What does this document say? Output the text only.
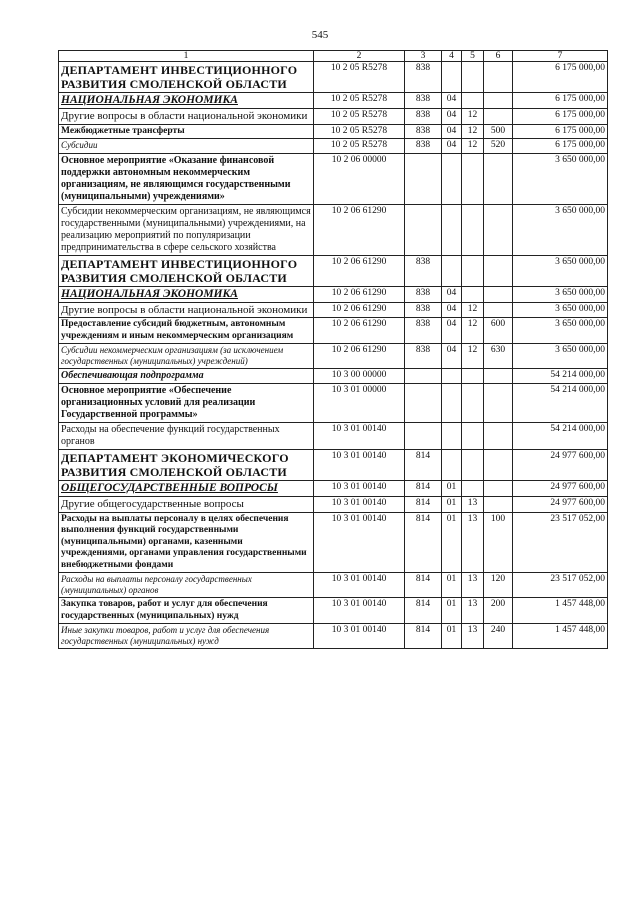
545
1	2	3	4	5	6	7
ДЕПАРТАМЕНТ ИНВЕСТИЦИОННОГО РАЗВИТИЯ СМОЛЕНСКОЙ ОБЛАСТИ	10 2 05 R5278	838				6 175 000,00
НАЦИОНАЛЬНАЯ ЭКОНОМИКА	10 2 05 R5278	838	04			6 175 000,00
Другие вопросы в области национальной экономики	10 2 05 R5278	838	04	12		6 175 000,00
Межбюджетные трансферты	10 2 05 R5278	838	04	12	500	6 175 000,00
Субсидии	10 2 05 R5278	838	04	12	520	6 175 000,00
Основное мероприятие «Оказание финансовой поддержки автономным некоммерческим организациям, не являющимся государственными (муниципальными) учреждениями»	10 2 06 00000					3 650 000,00
Субсидии некоммерческим организациям, не являющимся государственными (муниципальными) учреждениями, на реализацию мероприятий по популяризации предпринимательства в сфере сельского хозяйства	10 2 06 61290					3 650 000,00
ДЕПАРТАМЕНТ ИНВЕСТИЦИОННОГО РАЗВИТИЯ СМОЛЕНСКОЙ ОБЛАСТИ	10 2 06 61290	838				3 650 000,00
НАЦИОНАЛЬНАЯ ЭКОНОМИКА	10 2 06 61290	838	04			3 650 000,00
Другие вопросы в области национальной экономики	10 2 06 61290	838	04	12		3 650 000,00
Предоставление субсидий бюджетным, автономным учреждениям и иным некоммерческим организациям	10 2 06 61290	838	04	12	600	3 650 000,00
Субсидии некоммерческим организациям (за исключением государственных (муниципальных) учреждений)	10 2 06 61290	838	04	12	630	3 650 000,00
Обеспечивающая подпрограмма	10 3 00 00000					54 214 000,00
Основное мероприятие «Обеспечение организационных условий для реализации Государственной программы»	10 3 01 00000					54 214 000,00
Расходы на обеспечение функций государственных органов	10 3 01 00140					54 214 000,00
ДЕПАРТАМЕНТ ЭКОНОМИЧЕСКОГО РАЗВИТИЯ СМОЛЕНСКОЙ ОБЛАСТИ	10 3 01 00140	814				24 977 600,00
ОБЩЕГОСУДАРСТВЕННЫЕ ВОПРОСЫ	10 3 01 00140	814	01			24 977 600,00
Другие общегосударственные вопросы	10 3 01 00140	814	01	13		24 977 600,00
Расходы на выплаты персоналу в целях обеспечения выполнения функций государственными (муниципальными) органами, казенными учреждениями, органами управления государственными внебюджетными фондами	10 3 01 00140	814	01	13	100	23 517 052,00
Расходы на выплаты персоналу государственных (муниципальных) органов	10 3 01 00140	814	01	13	120	23 517 052,00
Закупка товаров, работ и услуг для обеспечения государственных (муниципальных) нужд	10 3 01 00140	814	01	13	200	1 457 448,00
Иные закупки товаров, работ и услуг для обеспечения государственных (муниципальных) нужд	10 3 01 00140	814	01	13	240	1 457 448,00
